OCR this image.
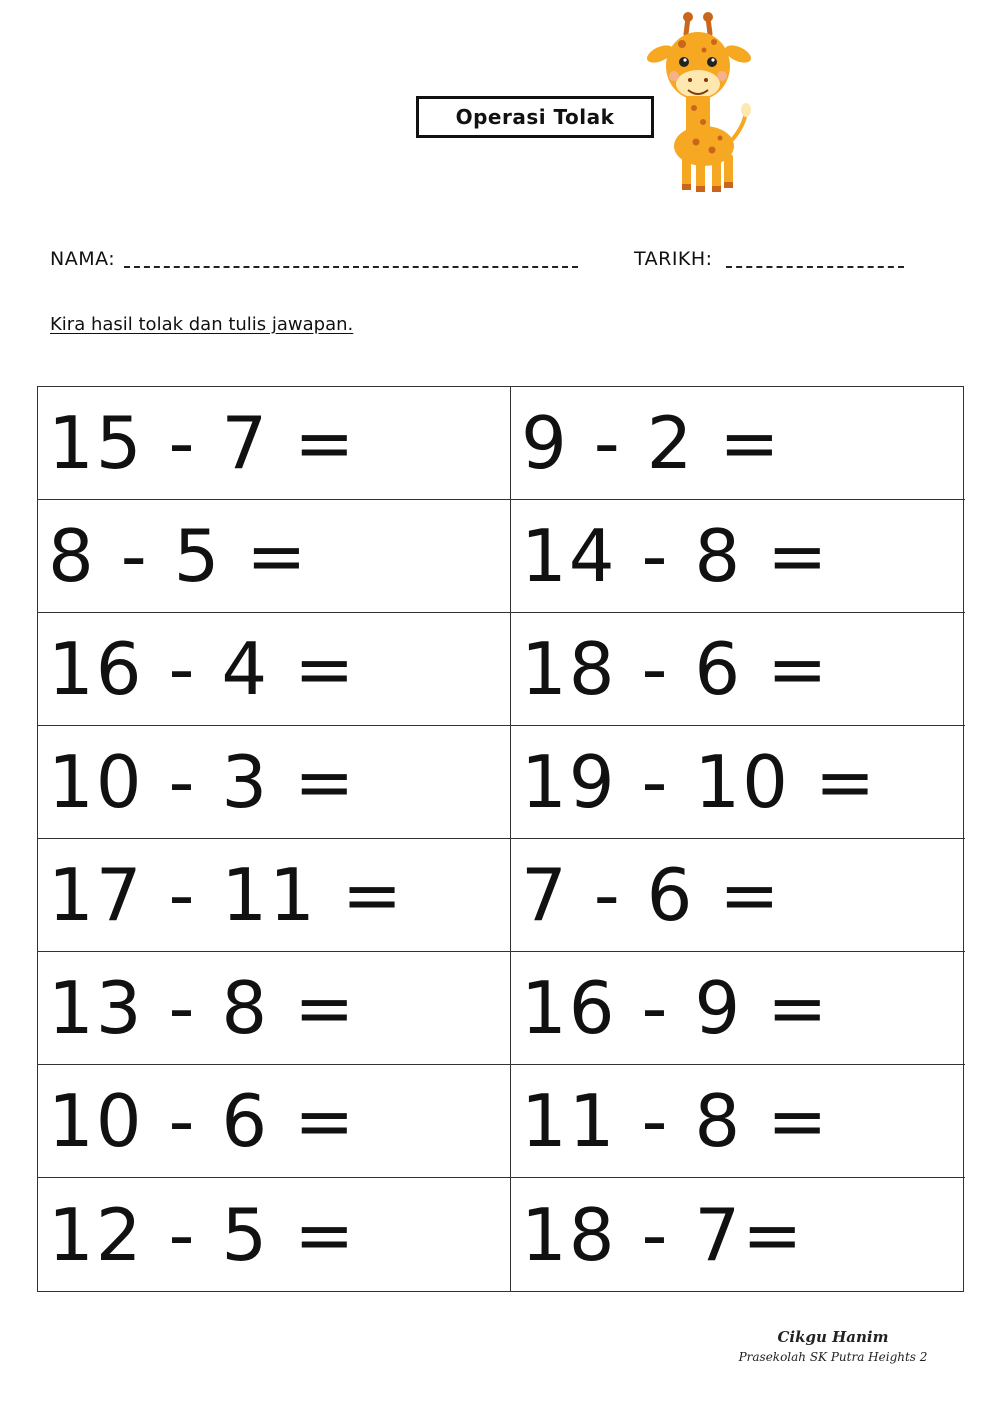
Operasi Tolak
NAMA:	TARIKH:
Kira hasil tolak dan tulis jawapan.
15 - 7 = 9 - 2 =
8 - 5 =	14 - 8 =
16 - 4 = 18 - 6 =
10 - 3 = 19 - 10 =
17 - 11 = 7 - 6 =
13 - 8 = 16 - 9 =
10 - 6 = 11 - 8 =
12 - 5 = 18 - 7=
Cikgu Hanim
Prasekolah SK Putra Heights 2
